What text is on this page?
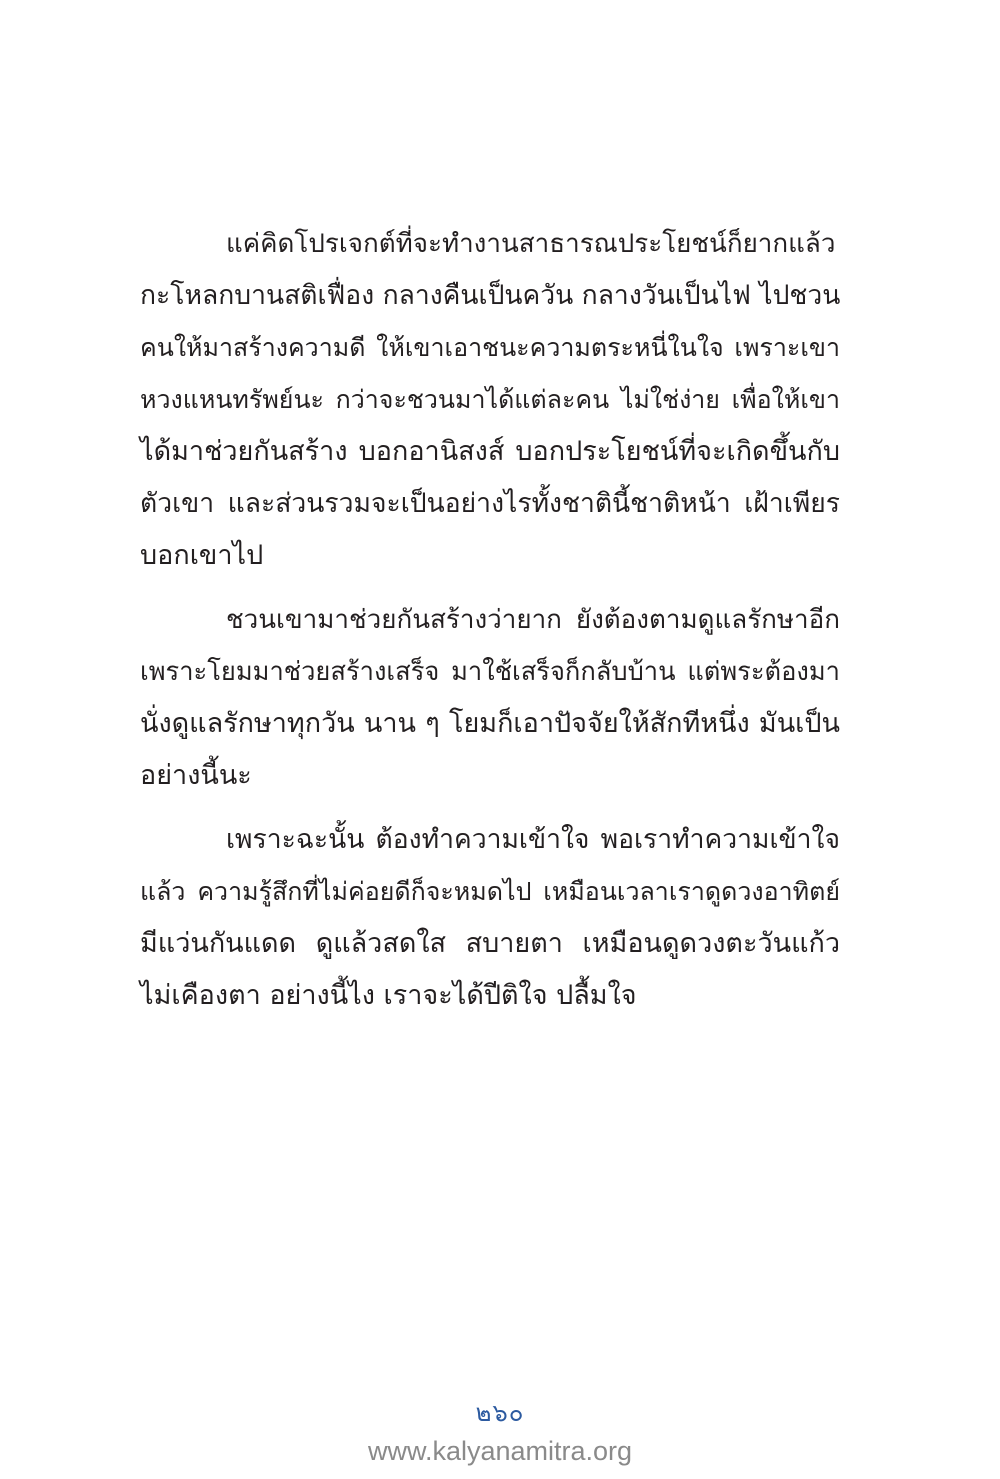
แค่คิดโปรเจกต์ที่จะทำงานสาธารณประโยชน์ก็ยากแล้ว
กะโหลกบานสติเฟื่อง กลางคืนเป็นควัน กลางวันเป็นไฟ ไปชวน
คนให้มาสร้างความดี ให้เขาเอาชนะความตระหนี่ในใจ เพราะเขา
หวงแหนทรัพย์นะ กว่าจะชวนมาได้แต่ละคน ไม่ใช่ง่าย เพื่อให้เขา
ได้มาช่วยกันสร้าง บอกอานิสงส์ บอกประโยชน์ที่จะเกิดขึ้นกับ
ตัวเขา และส่วนรวมจะเป็นอย่างไรทั้งชาตินี้ชาติหน้า เฝ้าเพียร
บอกเขาไป
ชวนเขามาช่วยกันสร้างว่ายาก ยังต้องตามดูแลรักษาอีก
เพราะโยมมาช่วยสร้างเสร็จ มาใช้เสร็จก็กลับบ้าน แต่พระต้องมา
นั่งดูแลรักษาทุกวัน นาน ๆ โยมก็เอาปัจจัยให้สักทีหนึ่ง มันเป็น
อย่างนี้นะ
เพราะฉะนั้น ต้องทำความเข้าใจ พอเราทำความเข้าใจ
แล้ว ความรู้สึกที่ไม่ค่อยดีก็จะหมดไป เหมือนเวลาเราดูดวงอาทิตย์
มีแว่นกันแดด ดูแล้วสดใส สบายตา เหมือนดูดวงตะวันแก้ว
ไม่เคืองตา อย่างนี้ไง เราจะได้ปีติใจ ปลื้มใจ
๒๖๐
www.kalyanamitra.org
